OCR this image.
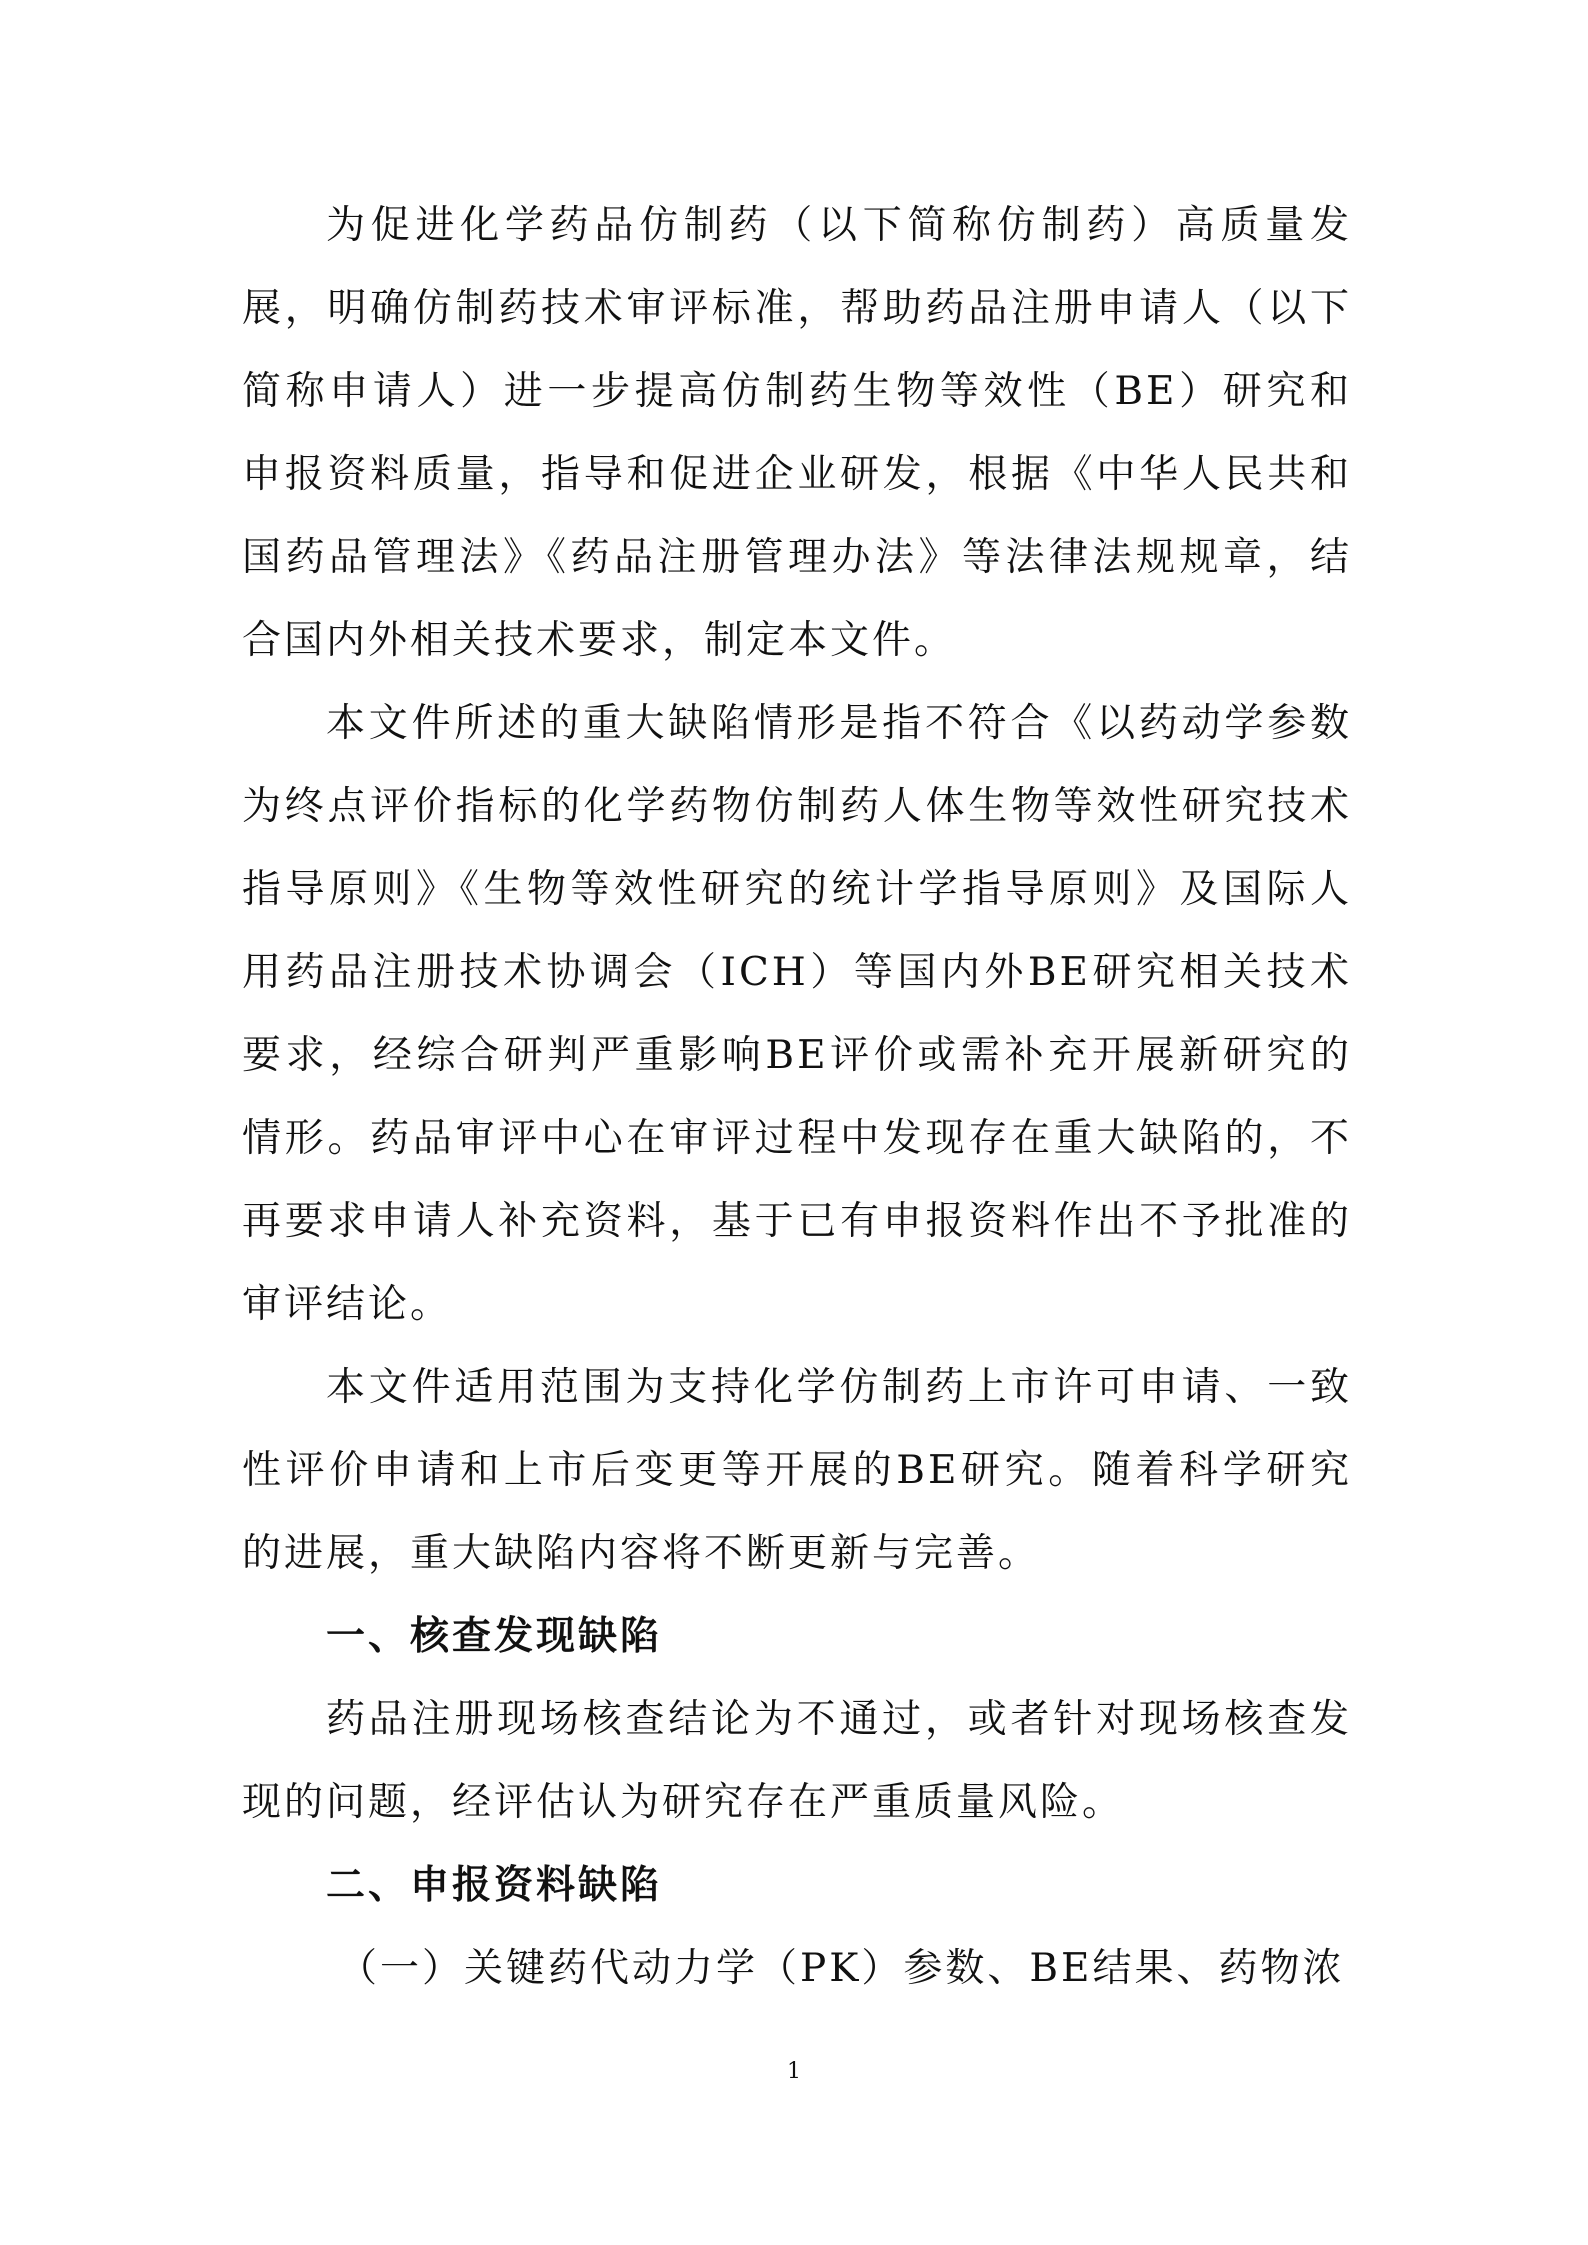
为促进化学药品仿制药（以下简称仿制药）高质量发展，明确仿制药技术审评标准，帮助药品注册申请人（以下简称申请人）进一步提高仿制药生物等效性（BE）研究和申报资料质量，指导和促进企业研发，根据《中华人民共和国药品管理法》《药品注册管理办法》等法律法规规章，结合国内外相关技术要求，制定本文件。

本文件所述的重大缺陷情形是指不符合《以药动学参数为终点评价指标的化学药物仿制药人体生物等效性研究技术指导原则》《生物等效性研究的统计学指导原则》及国际人用药品注册技术协调会（ICH）等国内外BE研究相关技术要求，经综合研判严重影响BE评价或需补充开展新研究的情形。药品审评中心在审评过程中发现存在重大缺陷的，不再要求申请人补充资料，基于已有申报资料作出不予批准的审评结论。

本文件适用范围为支持化学仿制药上市许可申请、一致性评价申请和上市后变更等开展的BE研究。随着科学研究的进展，重大缺陷内容将不断更新与完善。

一、核查发现缺陷

药品注册现场核查结论为不通过，或者针对现场核查发现的问题，经评估认为研究存在严重质量风险。

二、申报资料缺陷

（一）关键药代动力学（PK）参数、BE结果、药物浓

1
